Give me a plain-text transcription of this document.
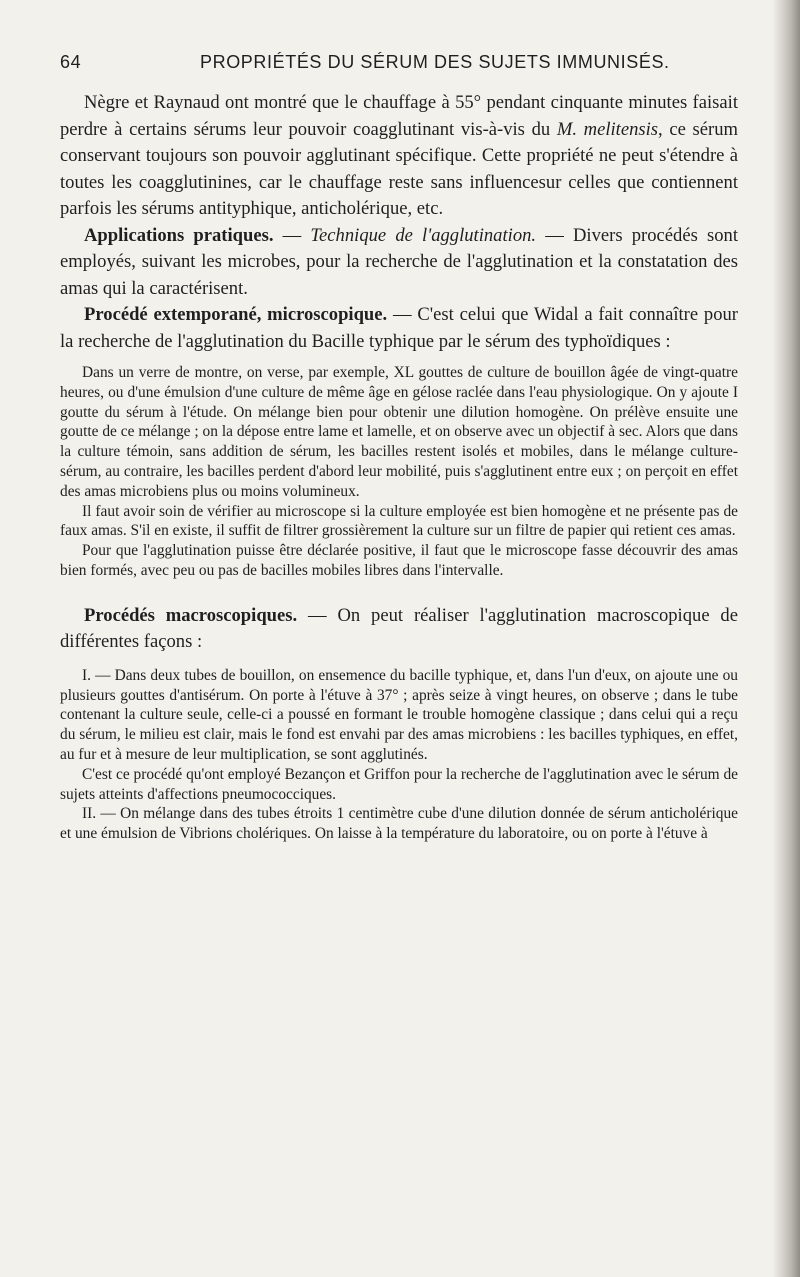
64	PROPRIÉTÉS DU SÉRUM DES SUJETS IMMUNISÉS.

Nègre et Raynaud ont montré que le chauffage à 55° pendant cinquante minutes faisait perdre à certains sérums leur pouvoir coagglutinant vis-à-vis du M. melitensis, ce sérum conservant toujours son pouvoir agglutinant spécifique. Cette propriété ne peut s'étendre à toutes les coagglutinines, car le chauffage reste sans influencesur celles que contiennent parfois les sérums antityphique, anticholérique, etc.

Applications pratiques. — Technique de l'agglutination. — Divers procédés sont employés, suivant les microbes, pour la recherche de l'agglutination et la constatation des amas qui la caractérisent.

Procédé extemporané, microscopique. — C'est celui que Widal a fait connaître pour la recherche de l'agglutination du Bacille typhique par le sérum des typhoïdiques :

Dans un verre de montre, on verse, par exemple, XL gouttes de culture de bouillon âgée de vingt-quatre heures, ou d'une émulsion d'une culture de même âge en gélose raclée dans l'eau physiologique. On y ajoute I goutte du sérum à l'étude. On mélange bien pour obtenir une dilution homogène. On prélève ensuite une goutte de ce mélange ; on la dépose entre lame et lamelle, et on observe avec un objectif à sec. Alors que dans la culture témoin, sans addition de sérum, les bacilles restent isolés et mobiles, dans le mélange culture-sérum, au contraire, les bacilles perdent d'abord leur mobilité, puis s'agglutinent entre eux ; on perçoit en effet des amas microbiens plus ou moins volumineux.

Il faut avoir soin de vérifier au microscope si la culture employée est bien homogène et ne présente pas de faux amas. S'il en existe, il suffit de filtrer grossièrement la culture sur un filtre de papier qui retient ces amas.

Pour que l'agglutination puisse être déclarée positive, il faut que le microscope fasse découvrir des amas bien formés, avec peu ou pas de bacilles mobiles libres dans l'intervalle.

Procédés macroscopiques. — On peut réaliser l'agglutination macroscopique de différentes façons :

I. — Dans deux tubes de bouillon, on ensemence du bacille typhique, et, dans l'un d'eux, on ajoute une ou plusieurs gouttes d'antisérum. On porte à l'étuve à 37° ; après seize à vingt heures, on observe ; dans le tube contenant la culture seule, celle-ci a poussé en formant le trouble homogène classique ; dans celui qui a reçu du sérum, le milieu est clair, mais le fond est envahi par des amas microbiens : les bacilles typhiques, en effet, au fur et à mesure de leur multiplication, se sont agglutinés.

C'est ce procédé qu'ont employé Bezançon et Griffon pour la recherche de l'agglutination avec le sérum de sujets atteints d'affections pneumococciques.

II. — On mélange dans des tubes étroits 1 centimètre cube d'une dilution donnée de sérum anticholérique et une émulsion de Vibrions cholériques. On laisse à la température du laboratoire, ou on porte à l'étuve à
